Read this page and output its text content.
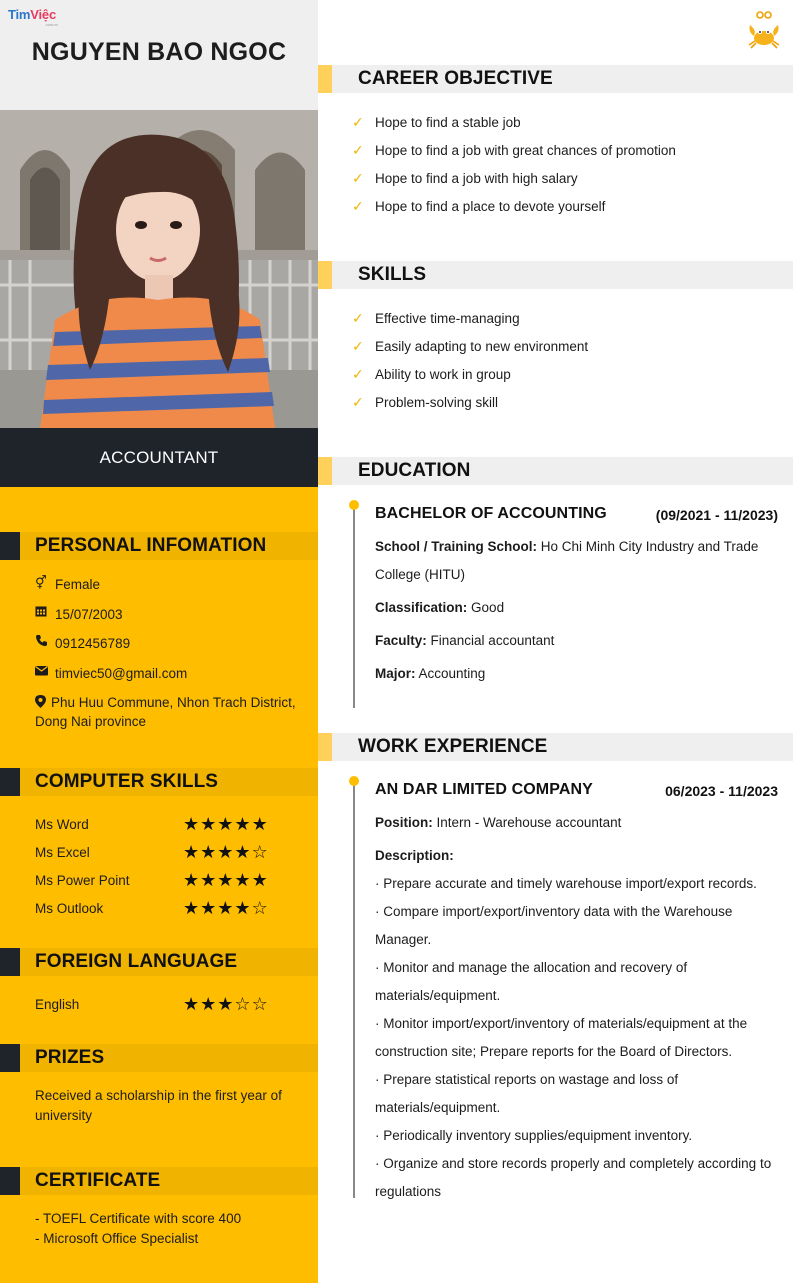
TimViệc
.com.vn
NGUYEN BAO NGOC
ACCOUNTANT
PERSONAL INFOMATION
⚥ Female
15/07/2003
0912456789
timviec50@gmail.com
Phu Huu Commune, Nhon Trach District, Dong Nai province
COMPUTER SKILLS
Ms Word	★★★★★
Ms Excel	★★★★☆
Ms Power Point	★★★★★
Ms Outlook	★★★★☆
FOREIGN LANGUAGE
English	★★★☆☆
PRIZES
Received a scholarship in the first year of university
CERTIFICATE
- TOEFL Certificate with score 400
- Microsoft Office Specialist
CAREER OBJECTIVE
✓ Hope to find a stable job
✓ Hope to find a job with great chances of promotion
✓ Hope to find a job with high salary
✓ Hope to find a place to devote yourself
SKILLS
✓ Effective time-managing
✓ Easily adapting to new environment
✓ Ability to work in group
✓ Problem-solving skill
EDUCATION
BACHELOR OF ACCOUNTING	(09/2021 - 11/2023)
School / Training School: Ho Chi Minh City Industry and Trade College (HITU)
Classification: Good
Faculty: Financial accountant
Major: Accounting
WORK EXPERIENCE
AN DAR LIMITED COMPANY	06/2023 - 11/2023
Position: Intern - Warehouse accountant
Description:
· Prepare accurate and timely warehouse import/export records.
· Compare import/export/inventory data with the Warehouse Manager.
· Monitor and manage the allocation and recovery of materials/equipment.
· Monitor import/export/inventory of materials/equipment at the construction site; Prepare reports for the Board of Directors.
· Prepare statistical reports on wastage and loss of materials/equipment.
· Periodically inventory supplies/equipment inventory.
· Organize and store records properly and completely according to regulations
